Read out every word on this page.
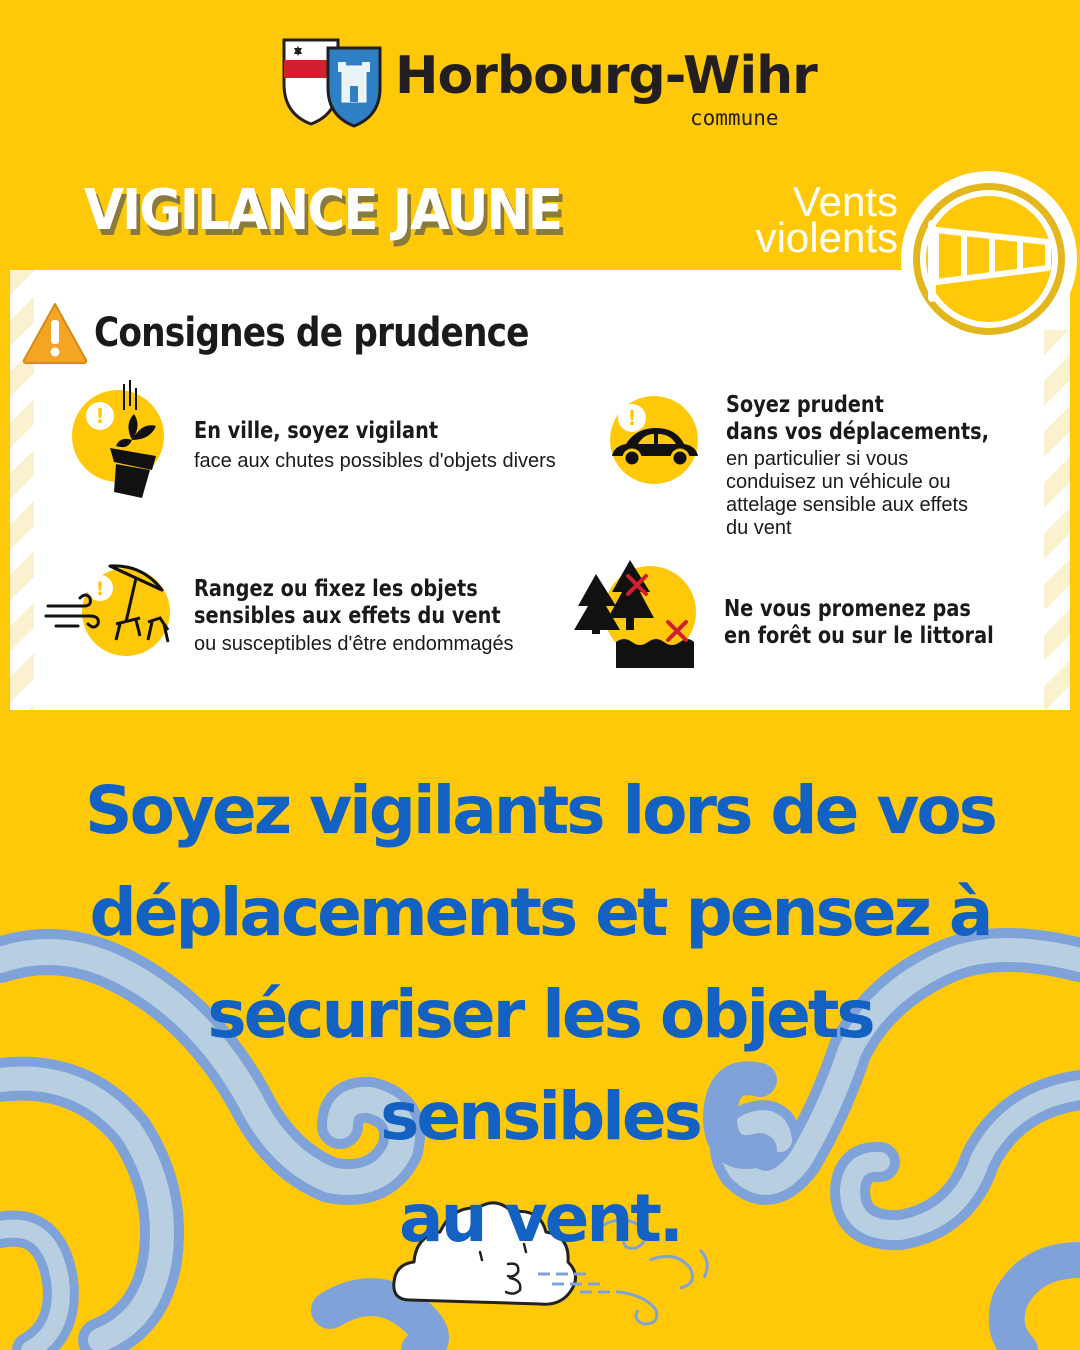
Horbourg-Wihr
commune
VIGILANCE JAUNE	Vents
violents
Consignes de prudence
!
En ville, soyez vigilant
face aux chutes possibles d'objets divers
!	Soyez prudent
dans vos déplacements,
en particulier si vous
conduisez un véhicule ou
attelage sensible aux effets
du vent
!	Rangez ou fixez les objets
sensibles aux effets du vent
ou susceptibles d'être endommagés
Ne vous promenez pas
en forêt ou sur le littoral
Soyez vigilants lors de vos
déplacements et pensez à
sécuriser les objets sensibles
au vent.
